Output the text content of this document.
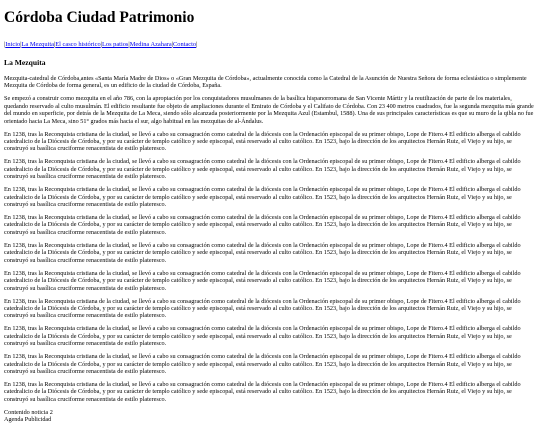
Córdoba Ciudad Patrimonio
|Inicio|La Mezquita|El casco histórico|Los patios|Medina Azahara|Contacto|
La Mezquita

Mezquita-catedral de Córdoba,antes «Santa María Madre de Dios» o «Gran Mezquita de Córdoba», actualmente conocida como la Catedral de la Asunción de Nuestra Señora de forma eclesiástica o simplemente Mezquita de Córdoba de forma general, es un edificio de la ciudad de Córdoba, España.

Se empezó a construir como mezquita en el año 786, con la apropiación por los conquistadores musulmanes de la basílica hispanorromana de San Vicente Mártir y la reutilización de parte de los materiales, quedando reservado al culto musulmán. El edificio resultante fue objeto de ampliaciones durante el Emirato de Córdoba y el Califato de Córdoba. Con 23 400 metros cuadrados, fue la segunda mezquita más grande del mundo en superficie, por detrás de la Mezquita de La Meca, siendo sólo alcanzada posteriormente por la Mezquita Azul (Estambul, 1588). Una de sus principales características es que su muro de la qibla no fue orientado hacia La Meca, sino 51° grados más hacia el sur, algo habitual en las mezquitas de al-Ándalus.

En 1238, tras la Reconquista cristiana de la ciudad, se llevó a cabo su consagración como catedral de la diócesis con la Ordenación episcopal de su primer obispo, Lope de Fitero.4 El edificio alberga el cabildo catedralicio de la Diócesis de Córdoba, y por su carácter de templo católico y sede episcopal, está reservado al culto católico. En 1523, bajo la dirección de los arquitectos Hernán Ruiz, el Viejo y su hijo, se construyó su basílica cruciforme renacentista de estilo plateresco.

En 1238, tras la Reconquista cristiana de la ciudad, se llevó a cabo su consagración como catedral de la diócesis con la Ordenación episcopal de su primer obispo, Lope de Fitero.4 El edificio alberga el cabildo catedralicio de la Diócesis de Córdoba, y por su carácter de templo católico y sede episcopal, está reservado al culto católico. En 1523, bajo la dirección de los arquitectos Hernán Ruiz, el Viejo y su hijo, se construyó su basílica cruciforme renacentista de estilo plateresco.

En 1238, tras la Reconquista cristiana de la ciudad, se llevó a cabo su consagración como catedral de la diócesis con la Ordenación episcopal de su primer obispo, Lope de Fitero.4 El edificio alberga el cabildo catedralicio de la Diócesis de Córdoba, y por su carácter de templo católico y sede episcopal, está reservado al culto católico. En 1523, bajo la dirección de los arquitectos Hernán Ruiz, el Viejo y su hijo, se construyó su basílica cruciforme renacentista de estilo plateresco.

En 1238, tras la Reconquista cristiana de la ciudad, se llevó a cabo su consagración como catedral de la diócesis con la Ordenación episcopal de su primer obispo, Lope de Fitero.4 El edificio alberga el cabildo catedralicio de la Diócesis de Córdoba, y por su carácter de templo católico y sede episcopal, está reservado al culto católico. En 1523, bajo la dirección de los arquitectos Hernán Ruiz, el Viejo y su hijo, se construyó su basílica cruciforme renacentista de estilo plateresco.

En 1238, tras la Reconquista cristiana de la ciudad, se llevó a cabo su consagración como catedral de la diócesis con la Ordenación episcopal de su primer obispo, Lope de Fitero.4 El edificio alberga el cabildo catedralicio de la Diócesis de Córdoba, y por su carácter de templo católico y sede episcopal, está reservado al culto católico. En 1523, bajo la dirección de los arquitectos Hernán Ruiz, el Viejo y su hijo, se construyó su basílica cruciforme renacentista de estilo plateresco.

En 1238, tras la Reconquista cristiana de la ciudad, se llevó a cabo su consagración como catedral de la diócesis con la Ordenación episcopal de su primer obispo, Lope de Fitero.4 El edificio alberga el cabildo catedralicio de la Diócesis de Córdoba, y por su carácter de templo católico y sede episcopal, está reservado al culto católico. En 1523, bajo la dirección de los arquitectos Hernán Ruiz, el Viejo y su hijo, se construyó su basílica cruciforme renacentista de estilo plateresco.

En 1238, tras la Reconquista cristiana de la ciudad, se llevó a cabo su consagración como catedral de la diócesis con la Ordenación episcopal de su primer obispo, Lope de Fitero.4 El edificio alberga el cabildo catedralicio de la Diócesis de Córdoba, y por su carácter de templo católico y sede episcopal, está reservado al culto católico. En 1523, bajo la dirección de los arquitectos Hernán Ruiz, el Viejo y su hijo, se construyó su basílica cruciforme renacentista de estilo plateresco.

En 1238, tras la Reconquista cristiana de la ciudad, se llevó a cabo su consagración como catedral de la diócesis con la Ordenación episcopal de su primer obispo, Lope de Fitero.4 El edificio alberga el cabildo catedralicio de la Diócesis de Córdoba, y por su carácter de templo católico y sede episcopal, está reservado al culto católico. En 1523, bajo la dirección de los arquitectos Hernán Ruiz, el Viejo y su hijo, se construyó su basílica cruciforme renacentista de estilo plateresco.

En 1238, tras la Reconquista cristiana de la ciudad, se llevó a cabo su consagración como catedral de la diócesis con la Ordenación episcopal de su primer obispo, Lope de Fitero.4 El edificio alberga el cabildo catedralicio de la Diócesis de Córdoba, y por su carácter de templo católico y sede episcopal, está reservado al culto católico. En 1523, bajo la dirección de los arquitectos Hernán Ruiz, el Viejo y su hijo, se construyó su basílica cruciforme renacentista de estilo plateresco.

En 1238, tras la Reconquista cristiana de la ciudad, se llevó a cabo su consagración como catedral de la diócesis con la Ordenación episcopal de su primer obispo, Lope de Fitero.4 El edificio alberga el cabildo catedralicio de la Diócesis de Córdoba, y por su carácter de templo católico y sede episcopal, está reservado al culto católico. En 1523, bajo la dirección de los arquitectos Hernán Ruiz, el Viejo y su hijo, se construyó su basílica cruciforme renacentista de estilo plateresco.

Contenido noticia 2
Agenda Publicidad
